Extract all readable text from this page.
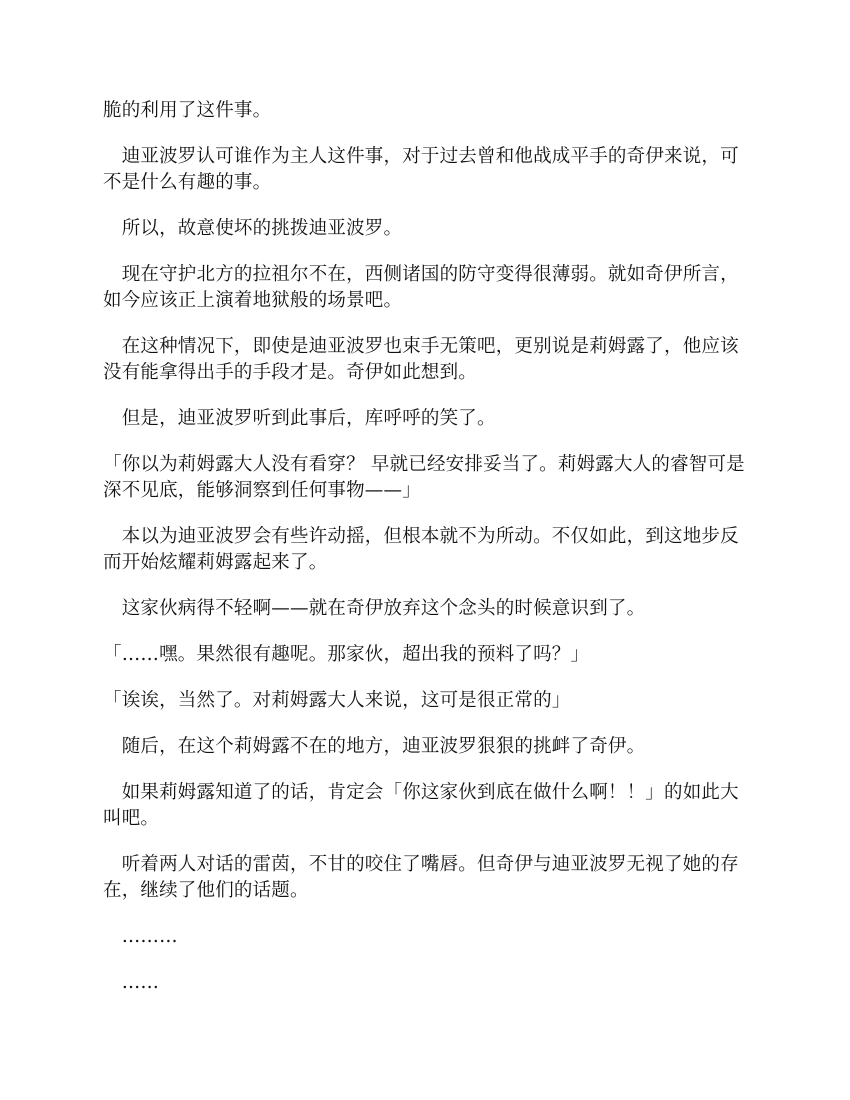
脆的利用了这件事。

　迪亚波罗认可谁作为主人这件事，对于过去曾和他战成平手的奇伊来说，可不是什么有趣的事。

　所以，故意使坏的挑拨迪亚波罗。

　现在守护北方的拉祖尔不在，西侧诸国的防守变得很薄弱。就如奇伊所言，如今应该正上演着地狱般的场景吧。

　在这种情况下，即使是迪亚波罗也束手无策吧，更别说是莉姆露了，他应该没有能拿得出手的手段才是。奇伊如此想到。

　但是，迪亚波罗听到此事后，库呼呼的笑了。

「你以为莉姆露大人没有看穿？ 早就已经安排妥当了。莉姆露大人的睿智可是深不见底，能够洞察到任何事物——」

　本以为迪亚波罗会有些许动摇，但根本就不为所动。不仅如此，到这地步反而开始炫耀莉姆露起来了。

　这家伙病得不轻啊——就在奇伊放弃这个念头的时候意识到了。

「……嘿。果然很有趣呢。那家伙，超出我的预料了吗？」

「诶诶，当然了。对莉姆露大人来说，这可是很正常的」

　随后，在这个莉姆露不在的地方，迪亚波罗狠狠的挑衅了奇伊。

　如果莉姆露知道了的话，肯定会「你这家伙到底在做什么啊！！」的如此大叫吧。

　听着两人对话的雷茵，不甘的咬住了嘴唇。但奇伊与迪亚波罗无视了她的存在，继续了他们的话题。

　………

　……
